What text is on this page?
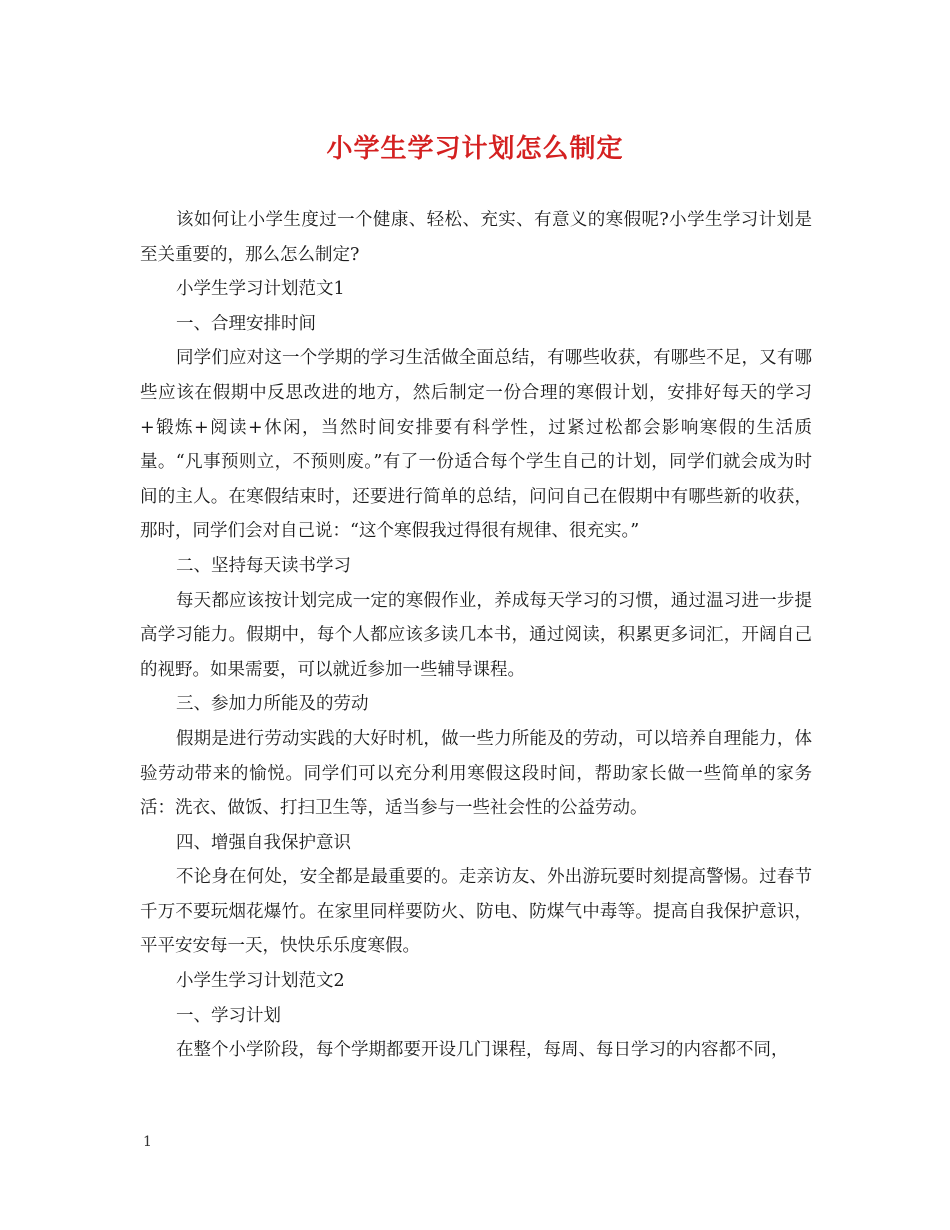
小学生学习计划怎么制定

该如何让小学生度过一个健康、轻松、充实、有意义的寒假呢?小学生学习计划是至关重要的，那么怎么制定?

小学生学习计划范文1

一、合理安排时间

同学们应对这一个学期的学习生活做全面总结，有哪些收获，有哪些不足，又有哪些应该在假期中反思改进的地方，然后制定一份合理的寒假计划，安排好每天的学习+锻炼+阅读+休闲，当然时间安排要有科学性，过紧过松都会影响寒假的生活质量。“凡事预则立，不预则废。”有了一份适合每个学生自己的计划，同学们就会成为时间的主人。在寒假结束时，还要进行简单的总结，问问自己在假期中有哪些新的收获，那时，同学们会对自己说：“这个寒假我过得很有规律、很充实。”

二、坚持每天读书学习

每天都应该按计划完成一定的寒假作业，养成每天学习的习惯，通过温习进一步提高学习能力。假期中，每个人都应该多读几本书，通过阅读，积累更多词汇，开阔自己的视野。如果需要，可以就近参加一些辅导课程。

三、参加力所能及的劳动

假期是进行劳动实践的大好时机，做一些力所能及的劳动，可以培养自理能力，体验劳动带来的愉悦。同学们可以充分利用寒假这段时间，帮助家长做一些简单的家务活：洗衣、做饭、打扫卫生等，适当参与一些社会性的公益劳动。

四、增强自我保护意识

不论身在何处，安全都是最重要的。走亲访友、外出游玩要时刻提高警惕。过春节千万不要玩烟花爆竹。在家里同样要防火、防电、防煤气中毒等。提高自我保护意识，平平安安每一天，快快乐乐度寒假。

小学生学习计划范文2

一、学习计划

在整个小学阶段，每个学期都要开设几门课程，每周、每日学习的内容都不同，

1
